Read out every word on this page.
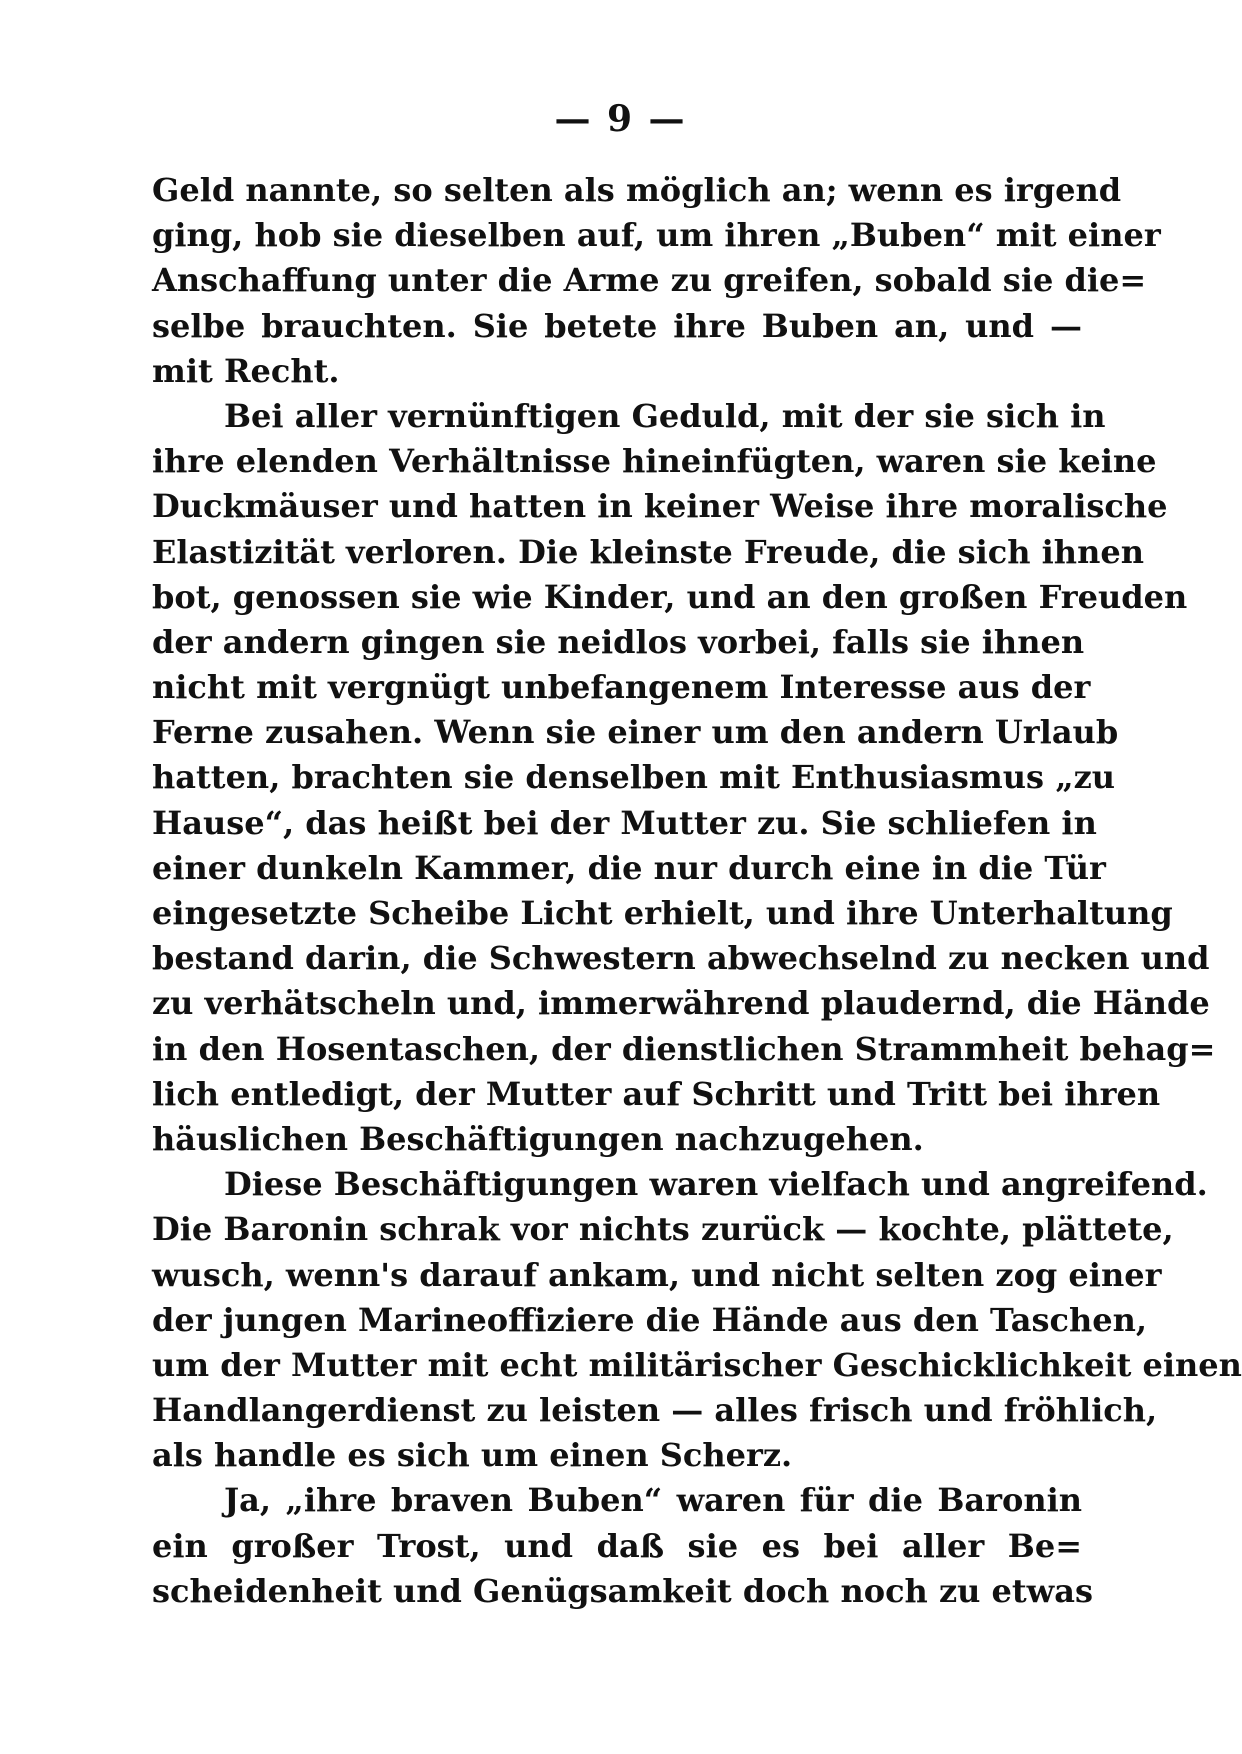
— 9 —
Geld nannte, so selten als möglich an; wenn es irgend
ging, hob sie dieselben auf, um ihren „Buben“ mit einer
Anschaffung unter die Arme zu greifen, sobald sie die=
selbe brauchten. Sie betete ihre Buben an, und —
mit Recht.
Bei aller vernünftigen Geduld, mit der sie sich in
ihre elenden Verhältnisse hineinfügten, waren sie keine
Duckmäuser und hatten in keiner Weise ihre moralische
Elastizität verloren. Die kleinste Freude, die sich ihnen
bot, genossen sie wie Kinder, und an den großen Freuden
der andern gingen sie neidlos vorbei, falls sie ihnen
nicht mit vergnügt unbefangenem Interesse aus der
Ferne zusahen. Wenn sie einer um den andern Urlaub
hatten, brachten sie denselben mit Enthusiasmus „zu
Hause“, das heißt bei der Mutter zu. Sie schliefen in
einer dunkeln Kammer, die nur durch eine in die Tür
eingesetzte Scheibe Licht erhielt, und ihre Unterhaltung
bestand darin, die Schwestern abwechselnd zu necken und
zu verhätscheln und, immerwährend plaudernd, die Hände
in den Hosentaschen, der dienstlichen Strammheit behag=
lich entledigt, der Mutter auf Schritt und Tritt bei ihren
häuslichen Beschäftigungen nachzugehen.
Diese Beschäftigungen waren vielfach und angreifend.
Die Baronin schrak vor nichts zurück — kochte, plättete,
wusch, wenn's darauf ankam, und nicht selten zog einer
der jungen Marineoffiziere die Hände aus den Taschen,
um der Mutter mit echt militärischer Geschicklichkeit einen
Handlangerdienst zu leisten — alles frisch und fröhlich,
als handle es sich um einen Scherz.
Ja, „ihre braven Buben“ waren für die Baronin
ein großer Trost, und daß sie es bei aller Be=
scheidenheit und Genügsamkeit doch noch zu etwas
